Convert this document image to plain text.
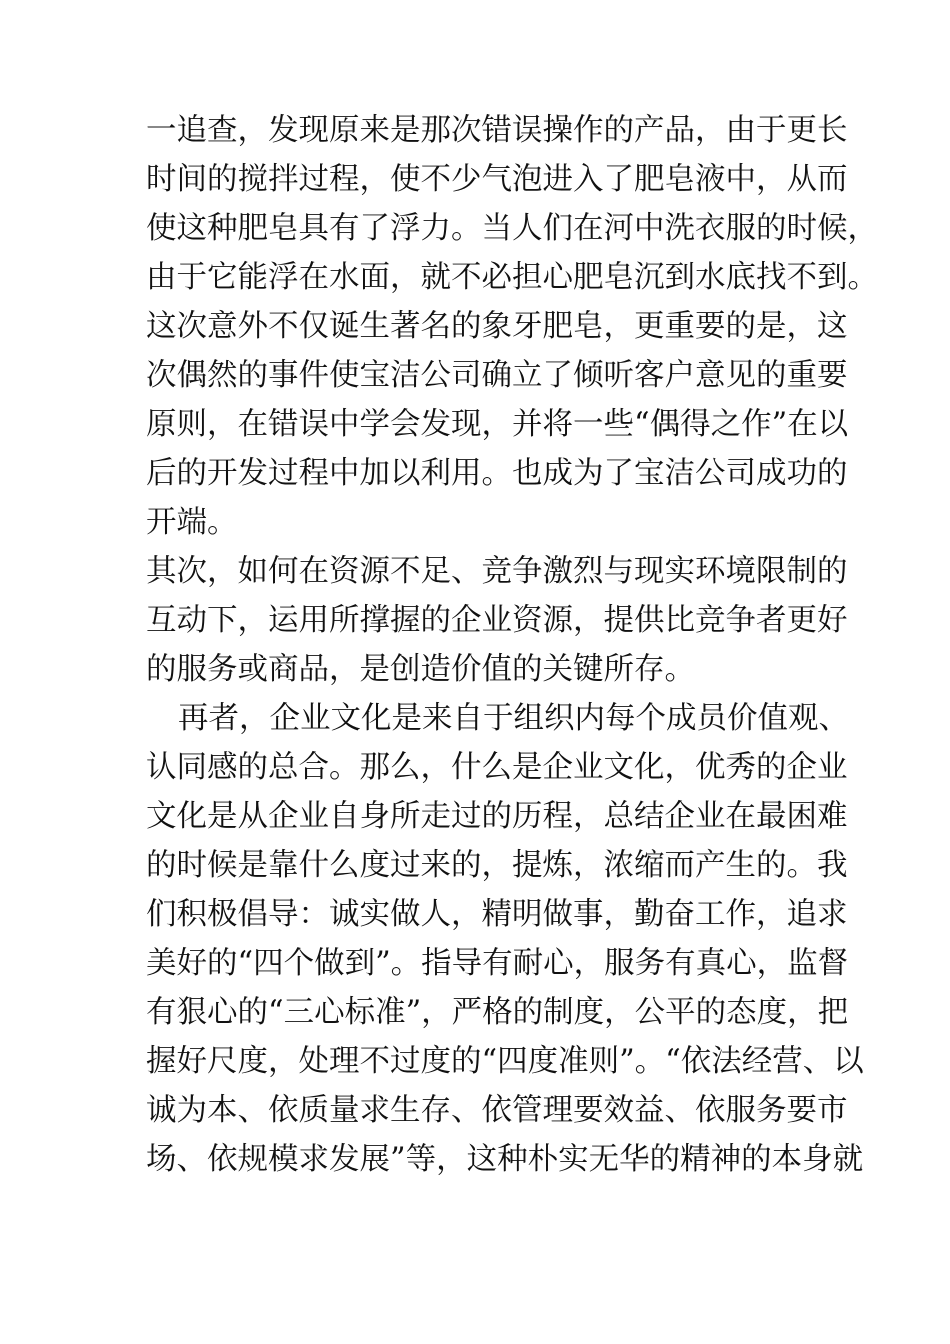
一追查，发现原来是那次错误操作的产品，由于更长
时间的搅拌过程，使不少气泡进入了肥皂液中，从而
使这种肥皂具有了浮力。当人们在河中洗衣服的时候，
由于它能浮在水面，就不必担心肥皂沉到水底找不到。
这次意外不仅诞生著名的象牙肥皂，更重要的是，这
次偶然的事件使宝洁公司确立了倾听客户意见的重要
原则，在错误中学会发现，并将一些“偶得之作”在以
后的开发过程中加以利用。也成为了宝洁公司成功的
开端。
其次，如何在资源不足、竞争激烈与现实环境限制的
互动下，运用所撑握的企业资源，提供比竞争者更好
的服务或商品，是创造价值的关键所存。
再者，企业文化是来自于组织内每个成员价值观、
认同感的总合。那么，什么是企业文化，优秀的企业
文化是从企业自身所走过的历程，总结企业在最困难
的时候是靠什么度过来的，提炼，浓缩而产生的。我
们积极倡导：诚实做人，精明做事，勤奋工作，追求
美好的“四个做到”。指导有耐心，服务有真心，监督
有狠心的“三心标准”，严格的制度，公平的态度，把
握好尺度，处理不过度的“四度准则”。“依法经营、以
诚为本、依质量求生存、依管理要效益、依服务要市
场、依规模求发展”等，这种朴实无华的精神的本身就
